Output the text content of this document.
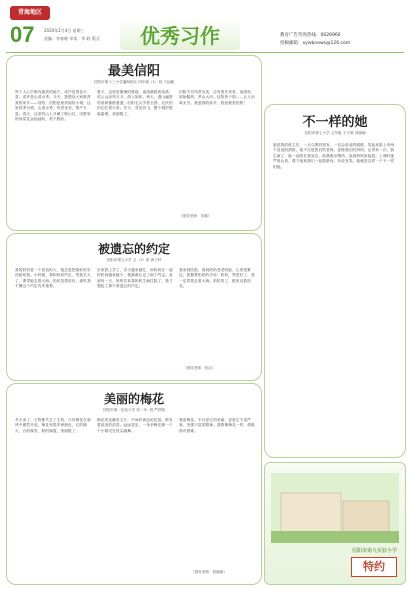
青海地区
07 2020年2月4日 星期三
责编：李春晓 审读：华 联 版式	优秀习作	教育广告咨询热线：0626960
投稿邮箱：xywbnews@126.com
最美信阳
信阳市第十三小学潘海校区 四年级（1）班 于远鹏
每个人心中都有最美的地方，或许是国色天香，或许是山清水秀。今天，我想向大家推荐我的家乡——信阳。信阳是座美丽的小城，这里四季分明，山清水秀，风景优美，物产丰富。春天，这里的山上开满了映山红，田野里的油菜花金灿灿的，美不胜收。
夏天，这里是避暑的胜地，南湾湖碧波荡漾，鸡公山凉风习习，游人如织。秋天，漫山遍野的茶树郁郁葱葱，信阳毛尖享誉全国，农民伯伯们忙着丰收。冬天，雪花纷飞，整个城市银装素裹，美丽极了。
信阳不仅风景优美，还有很多美食，南湾鱼、固始鹅块、罗山大肉、信阳热干面……让人回味无穷。我爱我的家乡，我爱最美信阳！
（指导老师：吴瑾）
不一样的她
信阳市第七小学 五年级 王宇琪 刘晓娴
她是我的班主任，一头乌黑的短发，一双会说话的眼睛，笑起来脸上有两个浅浅的酒窝。她不仅是我们的老师，更像我们的妈妈。记得有一次，我生病了，她一直陪在我身边，给我倒水喂药，直到妈妈来接我。上课时她严格认真，课下她和我们一起做游戏，有说有笑。她就是这样一个不一样的她。
被遗忘的约定
信阳市第九小学 五（1）班 黄子轩
我的奶奶是一个善良的人，她总是把最好的东西留给我。小时候，我和奶奶约定，等我长大了，要带她去看大海。奶奶笑着说好，那时我不懂这个约定有多重要。
后来我上学了，学习越来越忙，和奶奶在一起的时间越来越少，我渐渐忘记了那个约定。直到有一天，妈妈告诉我奶奶生病住院了，我才想起了那个被遗忘的约定。
我来到医院，看到奶奶苍老的脸，心里很难过。我握着奶奶的手说：奶奶，等您好了，我一定带您去看大海。奶奶笑了，眼里闪着泪花。
（指导老师：张洁）
美丽的梅花
信阳市第一实验小学 四（3）班 严舒悦
冬天来了，万物都失去了生机，只有梅花在寒风中傲然开放。梅花有很多种颜色，红的像火，白的像雪，粉的像霞，美丽极了。
梅花的花瓣有五片，中间有黄色的花蕊，散发着淡淡的清香。远远望去，一朵朵梅花像一个个小精灵在枝头跳舞。
我爱梅花，不仅爱它的美丽，更爱它不畏严寒、坚强不屈的精神。我要像梅花一样，勇敢面对困难。
（指导老师：曾晓丽）
信阳市第九实验小学
特约
